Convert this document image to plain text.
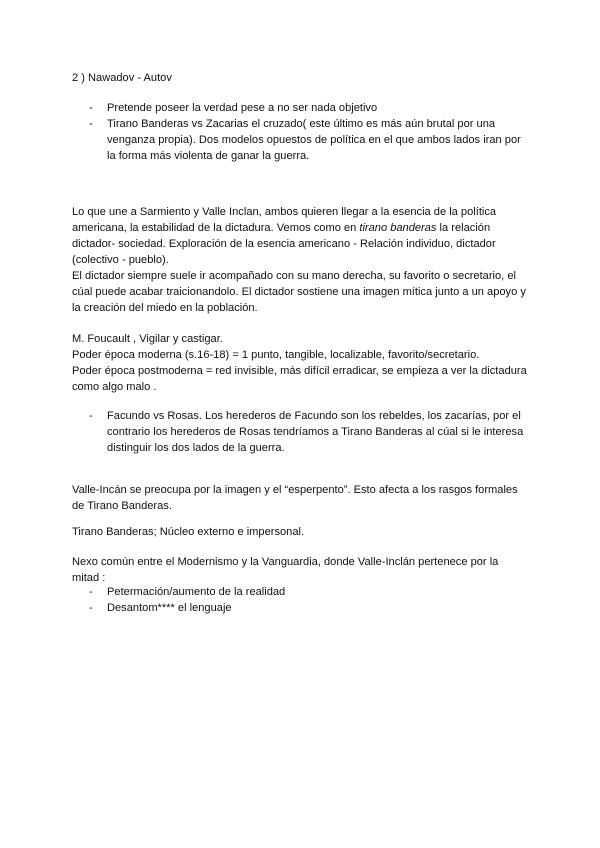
2 ) Nawadov - Autov

-	Pretende poseer la verdad pese a no ser nada objetivo
-	Tirano Banderas vs Zacarias el cruzado( este último es más aún brutal por una
venganza propia). Dos modelos opuestos de política en el que ambos lados iran por
la forma más violenta de ganar la guerra.

Lo que une a Sarmiento y Valle Inclan, ambos quieren llegar a la esencia de la política
americana, la estabilidad de la dictadura. Vemos como en tirano banderas la relación
dictador- sociedad. Exploración de la esencia americano - Relación individuo, dictador
(colectivo - pueblo).
El dictador siempre suele ir acompañado con su mano derecha, su favorito o secretario, el
cúal puede acabar traicionandolo. El dictador sostiene una imagen mítica junto a un apoyo y
la creación del miedo en la población.

M. Foucault , Vigilar y castigar.
Poder época moderna (s.16-18) = 1 punto, tangible, localizable, favorito/secretario.
Poder época postmoderna = red invisible, más difícil erradicar, se empieza a ver la dictadura
como algo malo .

-	Facundo vs Rosas. Los herederos de Facundo son los rebeldes, los zacarías, por el
contrario los herederos de Rosas tendríamos a Tirano Banderas al cúal si le interesa
distinguir los dos lados de la guerra.

Valle-Incán se preocupa por la imagen y el “esperpento”. Esto afecta a los rasgos formales
de Tirano Banderas.

Tirano Banderas; Núcleo externo e impersonal.

Nexo común entre el Modernismo y la Vanguardia, donde Valle-Inclán pertenece por la
mitad :

-	Petermación/aumento de la realidad
-	Desantom**** el lenguaje
